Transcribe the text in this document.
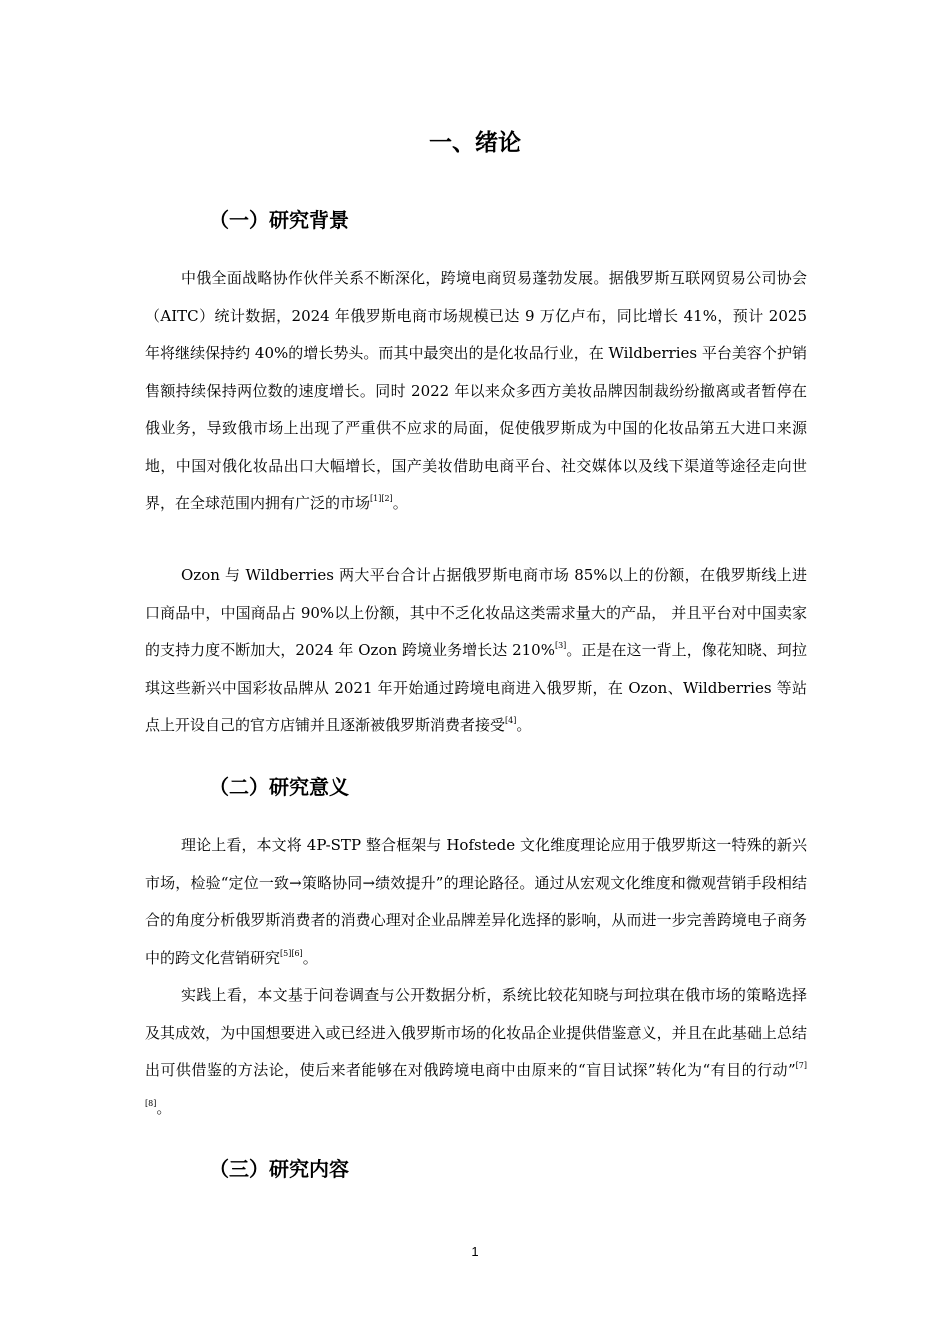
一、绪论
（一）研究背景

中俄全面战略协作伙伴关系不断深化，跨境电商贸易蓬勃发展。据俄罗斯互联网贸易公司协会（AITC）统计数据，2024 年俄罗斯电商市场规模已达 9 万亿卢布，同比增长 41%，预计 2025 年将继续保持约 40%的增长势头。而其中最突出的是化妆品行业，在 Wildberries 平台美容个护销售额持续保持两位数的速度增长。同时 2022 年以来众多西方美妆品牌因制裁纷纷撤离或者暂停在俄业务，导致俄市场上出现了严重供不应求的局面，促使俄罗斯成为中国的化妆品第五大进口来源地，中国对俄化妆品出口大幅增长，国产美妆借助电商平台、社交媒体以及线下渠道等途径走向世界，在全球范围内拥有广泛的市场[1][2]。

Ozon 与 Wildberries 两大平台合计占据俄罗斯电商市场 85%以上的份额，在俄罗斯线上进口商品中，中国商品占 90%以上份额，其中不乏化妆品这类需求量大的产品， 并且平台对中国卖家的支持力度不断加大，2024 年 Ozon 跨境业务增长达 210%[3]。正是在这一背上，像花知晓、珂拉琪这些新兴中国彩妆品牌从 2021 年开始通过跨境电商进入俄罗斯，在 Ozon、Wildberries 等站点上开设自己的官方店铺并且逐渐被俄罗斯消费者接受[4]。

（二）研究意义

理论上看，本文将 4P-STP 整合框架与 Hofstede 文化维度理论应用于俄罗斯这一特殊的新兴市场，检验“定位一致→策略协同→绩效提升”的理论路径。通过从宏观文化维度和微观营销手段相结合的角度分析俄罗斯消费者的消费心理对企业品牌差异化选择的影响，从而进一步完善跨境电子商务中的跨文化营销研究[5][6]。

实践上看，本文基于问卷调查与公开数据分析，系统比较花知晓与珂拉琪在俄市场的策略选择及其成效，为中国想要进入或已经进入俄罗斯市场的化妆品企业提供借鉴意义，并且在此基础上总结出可供借鉴的方法论，使后来者能够在对俄跨境电商中由原来的“盲目试探”转化为“有目的行动”[7][8]。

（三）研究内容
1
